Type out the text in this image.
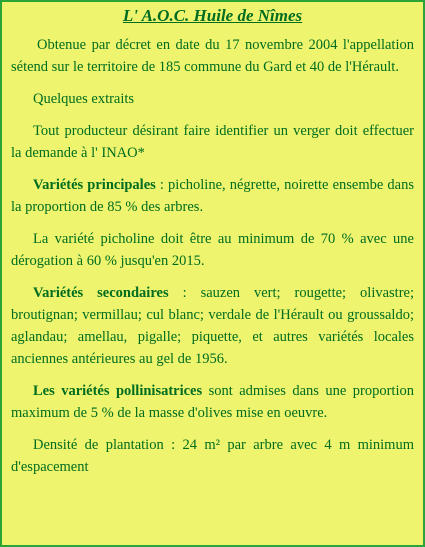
L' A.O.C. Huile de Nîmes

Obtenue par décret en date du 17 novembre 2004 l'appellation sétend sur le territoire de 185 commune du Gard et 40 de l'Hérault.

Quelques extraits

Tout producteur désirant faire identifier un verger doit effectuer la demande à l' INAO*

Variétés principales : picholine, négrette, noirette ensembe dans la proportion de 85 % des arbres.

La variété picholine doit être au minimum de 70 % avec une dérogation à 60 % jusqu'en 2015.

Variétés secondaires : sauzen vert; rougette; olivastre; broutignan; vermillau; cul blanc; verdale de l'Hérault ou groussaldo; aglandau; amellau, pigalle; piquette, et autres variétés locales anciennes antérieures au gel de 1956.

Les variétés pollinisatrices sont admises dans une proportion maximum de 5 % de la masse d'olives mise en oeuvre.

Densité de plantation : 24 m² par arbre avec 4 m minimum d'espacement
